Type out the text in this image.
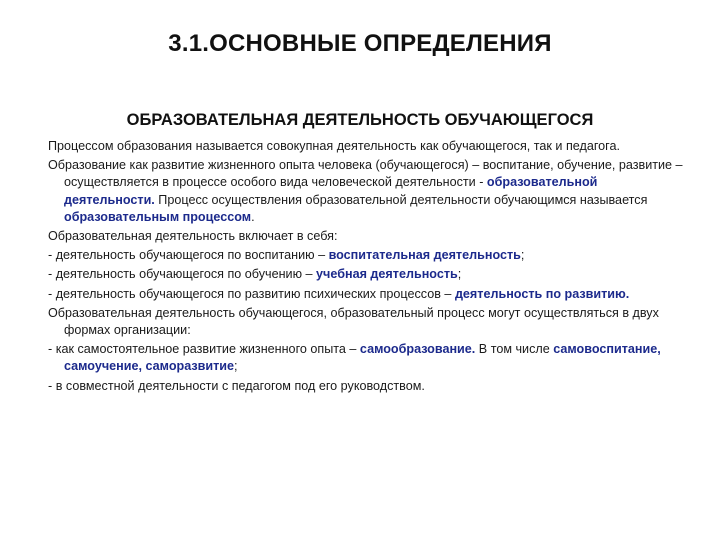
3.1.ОСНОВНЫЕ ОПРЕДЕЛЕНИЯ
ОБРАЗОВАТЕЛЬНАЯ ДЕЯТЕЛЬНОСТЬ ОБУЧАЮЩЕГОСЯ

Процессом образования называется совокупная деятельность как обучающегося, так и педагога.

Образование как развитие жизненного опыта человека (обучающегося) – воспитание, обучение, развитие – осуществляется в процессе особого вида человеческой деятельности - образовательной деятельности. Процесс осуществления образовательной деятельности обучающимся называется образовательным процессом.

Образовательная деятельность включает в себя:

- деятельность обучающегося по воспитанию – воспитательная деятельность;

- деятельность обучающегося по обучению – учебная деятельность;

- деятельность обучающегося по развитию психических процессов – деятельность по развитию.

Образовательная деятельность обучающегося, образовательный процесс могут осуществляться в двух формах организации:

- как самостоятельное развитие жизненного опыта – самообразование. В том числе самовоспитание, самоучение, саморазвитие;

- в совместной деятельности с педагогом под его руководством.
